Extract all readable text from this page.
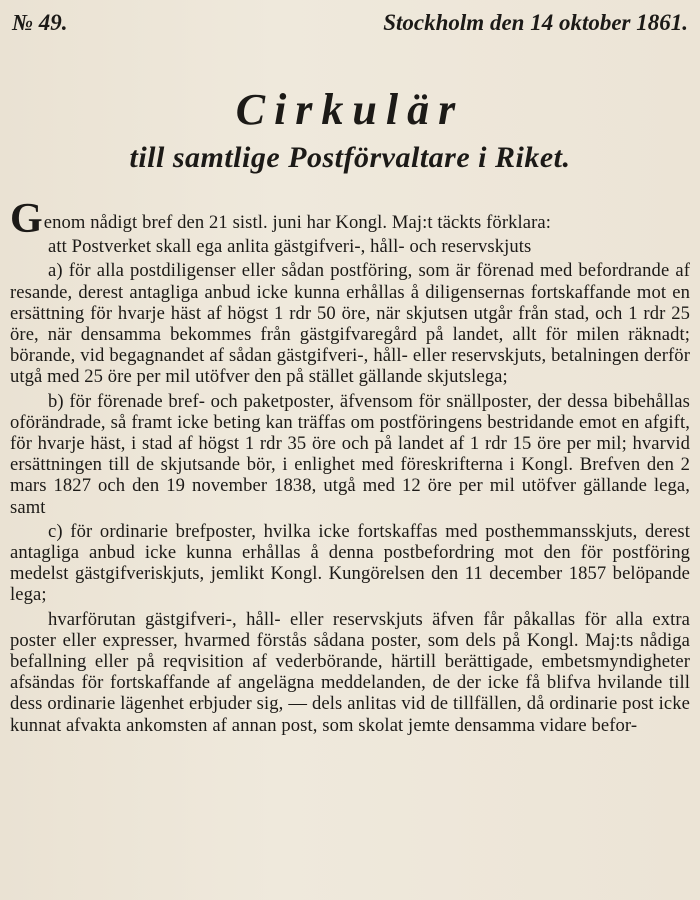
№ 49.	Stockholm den 14 oktober 1861.
Cirkulär
till samtlige Postförvaltare i Riket.

Genom nådigt bref den 21 sistl. juni har Kongl. Maj:t täckts förklara:

att Postverket skall ega anlita gästgifveri-, håll- och reservskjuts

a) för alla postdiligenser eller sådan postföring, som är förenad med befordrande af resande, derest antagliga anbud icke kunna erhållas å diligensernas fortskaffande mot en ersättning för hvarje häst af högst 1 rdr 50 öre, när skjutsen utgår från stad, och 1 rdr 25 öre, när densamma bekommes från gästgifvaregård på landet, allt för milen räknadt; börande, vid begagnandet af sådan gästgifveri-, håll- eller reservskjuts, betalningen derför utgå med 25 öre per mil utöfver den på stället gällande skjutslega;

b) för förenade bref- och paketposter, äfvensom för snällposter, der dessa bibehållas oförändrade, så framt icke beting kan träffas om postföringens bestridande emot en afgift, för hvarje häst, i stad af högst 1 rdr 35 öre och på landet af 1 rdr 15 öre per mil; hvarvid ersättningen till de skjutsande bör, i enlighet med föreskrifterna i Kongl. Brefven den 2 mars 1827 och den 19 november 1838, utgå med 12 öre per mil utöfver gällande lega, samt

c) för ordinarie brefposter, hvilka icke fortskaffas med posthemmansskjuts, derest antagliga anbud icke kunna erhållas å denna postbefordring mot den för postföring medelst gästgifveriskjuts, jemlikt Kongl. Kungörelsen den 11 december 1857 belöpande lega;

hvarförutan gästgifveri-, håll- eller reservskjuts äfven får påkallas för alla extra poster eller expresser, hvarmed förstås sådana poster, som dels på Kongl. Maj:ts nådiga befallning eller på reqvisition af vederbörande, härtill berättigade, embetsmyndigheter afsändas för fortskaffande af angelägna meddelanden, de der icke få blifva hvilande till dess ordinarie lägenhet erbjuder sig, — dels anlitas vid de tillfällen, då ordinarie post icke kunnat afvakta ankomsten af annan post, som skolat jemte densamma vidare befor-
